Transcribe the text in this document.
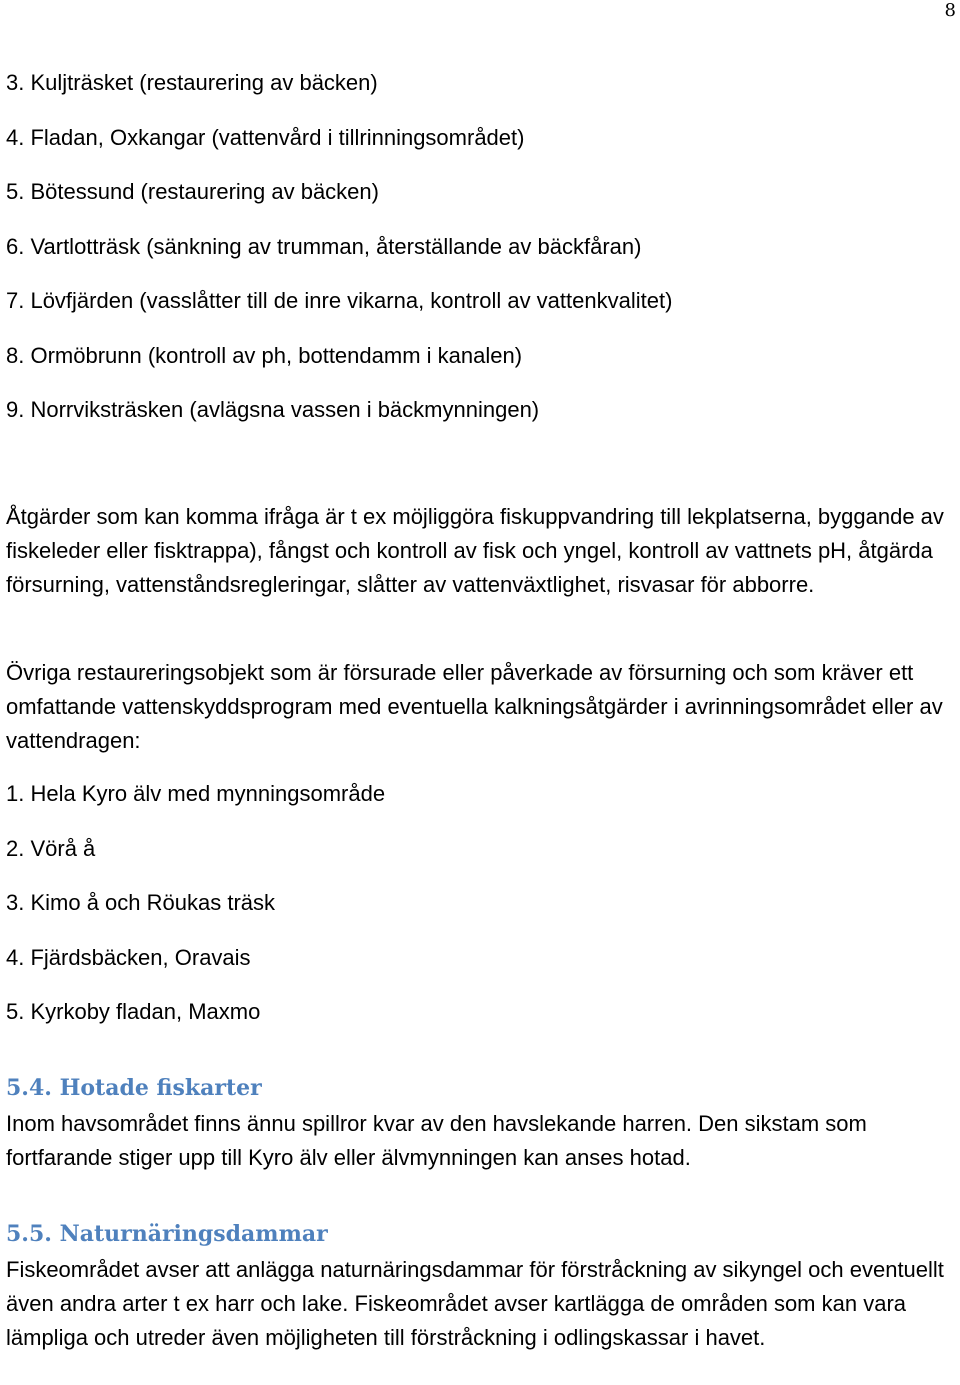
8
3. Kuljträsket (restaurering av bäcken)
4. Fladan, Oxkangar (vattenvård i tillrinningsområdet)
5. Bötessund (restaurering av bäcken)
6. Vartlotträsk (sänkning av trumman, återställande av bäckfåran)
7. Lövfjärden (vasslåtter till de inre vikarna, kontroll av vattenkvalitet)
8. Ormöbrunn (kontroll av ph, bottendamm i kanalen)
9. Norrviksträsken (avlägsna vassen i bäckmynningen)

Åtgärder som kan komma ifråga är t ex möjliggöra fiskuppvandring till lekplatserna, byggande av fiskeleder eller fisktrappa), fångst och kontroll av fisk och yngel, kontroll av vattnets pH, åtgärda försurning, vattenståndsregleringar, slåtter av vattenväxtlighet, risvasar för abborre.

Övriga restaureringsobjekt som är försurade eller påverkade av försurning och som kräver ett omfattande vattenskyddsprogram med eventuella kalkningsåtgärder i avrinningsområdet eller av vattendragen:

1. Hela Kyro älv med mynningsområde
2. Vörå å
3. Kimo å och Röukas träsk
4. Fjärdsbäcken, Oravais
5. Kyrkoby fladan, Maxmo
5.4. Hotade fiskarter

Inom havsområdet finns ännu spillror kvar av den havslekande harren. Den sikstam som fortfarande stiger upp till Kyro älv eller älvmynningen kan anses hotad.

5.5. Naturnäringsdammar

Fiskeområdet avser att anlägga naturnäringsdammar för förstråckning av sikyngel och eventuellt även andra arter t ex harr och lake. Fiskeområdet avser kartlägga de områden som kan vara lämpliga och utreder även möjligheten till förstråckning i odlingskassar i havet.
